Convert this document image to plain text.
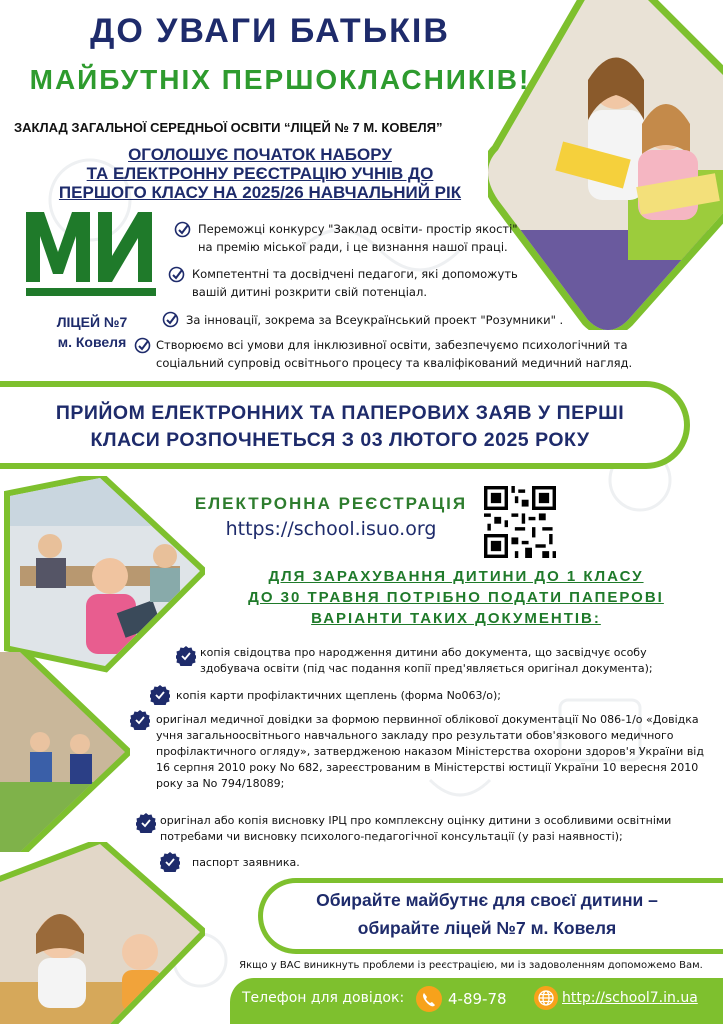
ДО УВАГИ БАТЬКІВ
МАЙБУТНІХ ПЕРШОКЛАСНИКІВ!
ЗАКЛАД ЗАГАЛЬНОЇ СЕРЕДНЬОЇ ОСВІТИ “ЛІЦЕЙ № 7 М. КОВЕЛЯ”
ОГОЛОШУЄ ПОЧАТОК НАБОРУ
ТА ЕЛЕКТРОННУ РЕЄСТРАЦІЮ УЧНІВ ДО
ПЕРШОГО КЛАСУ НА 2025/26 НАВЧАЛЬНИЙ РІК
ЛІЦЕЙ №7
м. Ковеля
Переможці конкурсу "Заклад освіти- простір якості" на премію міської ради, і це визнання нашої праці.
Компетентні та досвідчені педагоги, які допоможуть вашій дитині розкрити свій потенціал.
За інновації, зокрема за Всеукраїнський проект "Розумники" .
Створюємо всі умови для інклюзивної освіти, забезпечуємо психологічний та соціальний супровід освітнього процесу та кваліфікований медичний нагляд.
ПРИЙОМ ЕЛЕКТРОННИХ ТА ПАПЕРОВИХ ЗАЯВ У ПЕРШІ
КЛАСИ РОЗПОЧНЕТЬСЯ З 03 ЛЮТОГО 2025 РОКУ
ЕЛЕКТРОННА РЕЄСТРАЦІЯ
https://school.isuo.org
ДЛЯ ЗАРАХУВАННЯ ДИТИНИ ДО 1 КЛАСУ
ДО 30 ТРАВНЯ ПОТРІБНО ПОДАТИ ПАПЕРОВІ
ВАРІАНТИ ТАКИХ ДОКУМЕНТІВ:
копія свідоцтва про народження дитини або документа, що засвідчує особу здобувача освіти (під час подання копії пред'являється оригінал документа);
копія карти профілактичних щеплень (форма No063/о);
оригінал медичної довідки за формою первинної облікової документації No 086-1/о «Довідка учня загальноосвітнього навчального закладу про результати обов'язкового медичного профілактичного огляду», затвердженою наказом Міністерства охорони здоров'я України від 16 серпня 2010 року No 682, зареєстрованим в Міністерстві юстиції України 10 вересня 2010 року за No 794/18089;
оригінал або копія висновку ІРЦ про комплексну оцінку дитини з особливими освітніми потребами чи висновку психолого-педагогічної консультації (у разі наявності);
паспорт заявника.
Обирайте майбутнє для своєї дитини –
обирайте ліцей №7 м. Ковеля
Якщо у ВАС виникнуть проблеми із реєстрацією, ми із задоволенням допоможемо Вам.
Телефон для довідок:	4-89-78	http://school7.in.ua
